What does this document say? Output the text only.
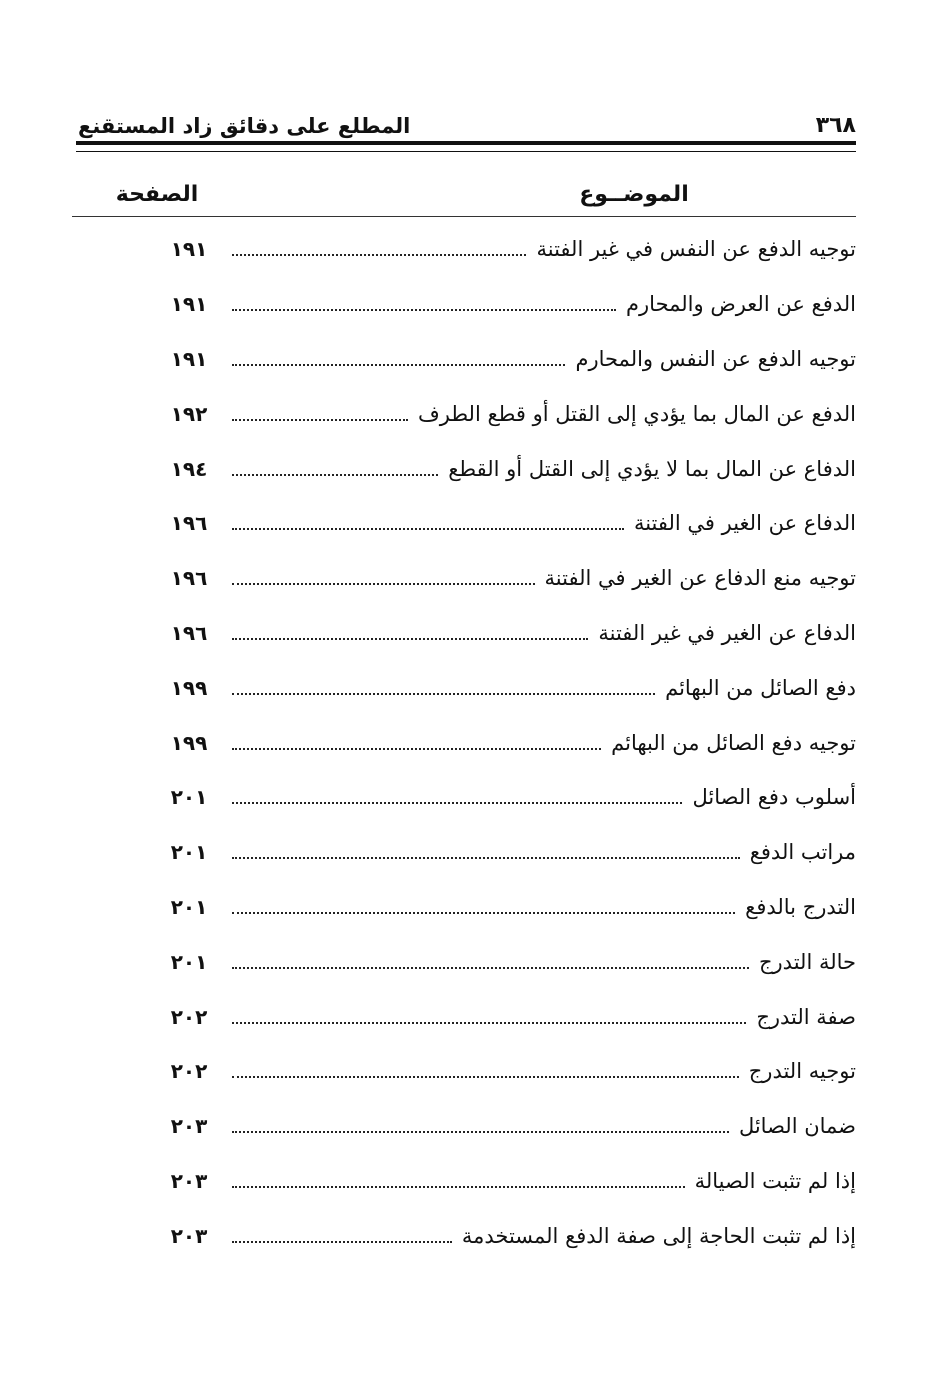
٣٦٨
المطلع على دقائق زاد المستقنع
الموضــوع
الصفحة
توجيه الدفع عن النفس في غير الفتنة
١٩١
الدفع عن العرض والمحارم
١٩١
توجيه الدفع عن النفس والمحارم
١٩١
الدفع عن المال بما يؤدي إلى القتل أو قطع الطرف
١٩٢
الدفاع عن المال بما لا يؤدي إلى القتل أو القطع
١٩٤
الدفاع عن الغير في الفتنة
١٩٦
توجيه منع الدفاع عن الغير في الفتنة
١٩٦
الدفاع عن الغير في غير الفتنة
١٩٦
دفع الصائل من البهائم
١٩٩
توجيه دفع الصائل من البهائم
١٩٩
أسلوب دفع الصائل
٢٠١
مراتب الدفع
٢٠١
التدرج بالدفع
٢٠١
حالة التدرج
٢٠١
صفة التدرج
٢٠٢
توجيه التدرج
٢٠٢
ضمان الصائل
٢٠٣
إذا لم تثبت الصيالة
٢٠٣
إذا لم تثبت الحاجة إلى صفة الدفع المستخدمة
٢٠٣
